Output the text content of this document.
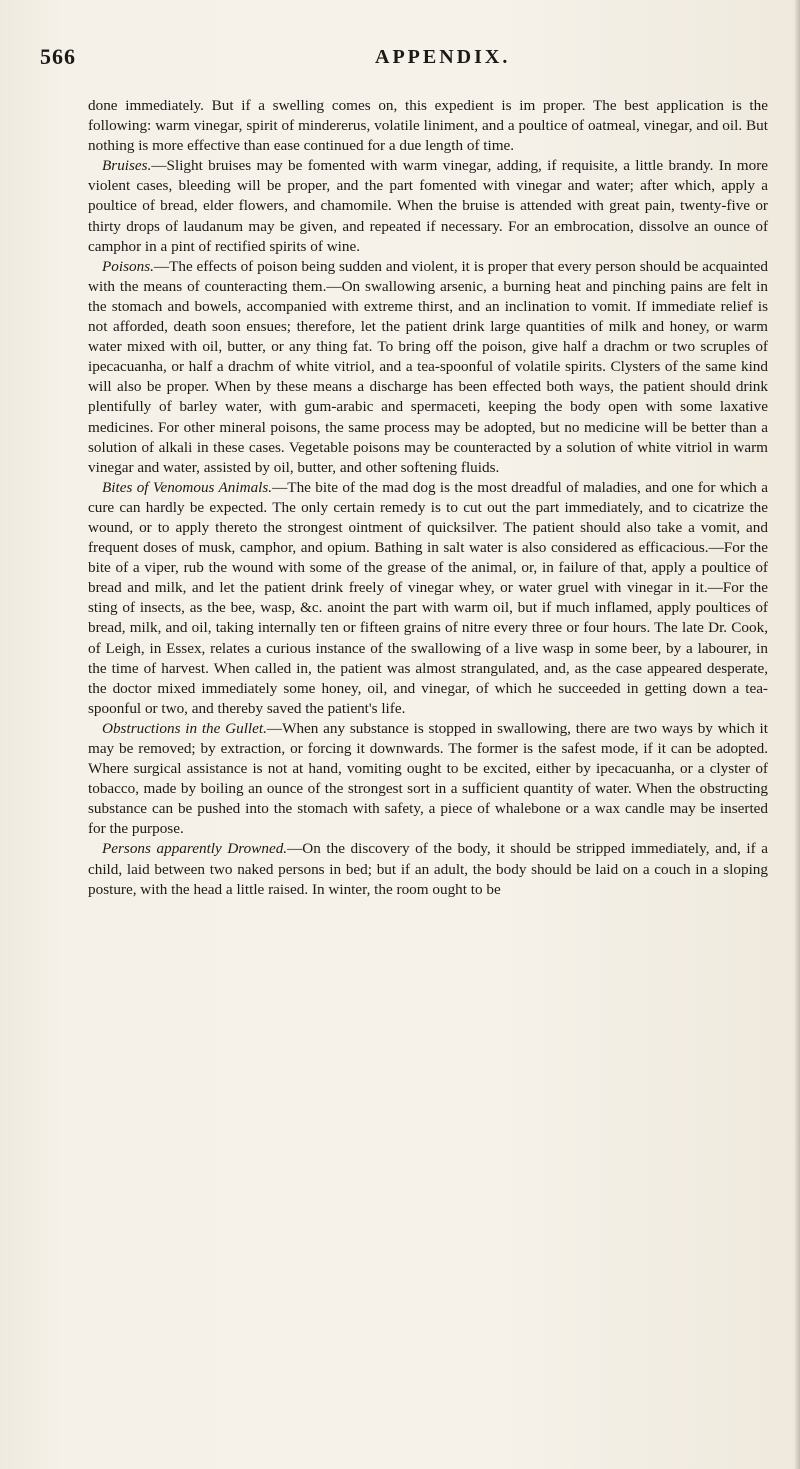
566	APPENDIX.

done immediately. But if a swelling comes on, this expedient is im proper. The best application is the following: warm vinegar, spirit of mindererus, volatile liniment, and a poultice of oatmeal, vinegar, and oil. But nothing is more effective than ease continued for a due length of time.

Bruises.—Slight bruises may be fomented with warm vinegar, adding, if requisite, a little brandy. In more violent cases, bleeding will be proper, and the part fomented with vinegar and water; after which, apply a poultice of bread, elder flowers, and chamomile. When the bruise is attended with great pain, twenty-five or thirty drops of laudanum may be given, and repeated if necessary. For an embrocation, dissolve an ounce of camphor in a pint of rectified spirits of wine.

Poisons.—The effects of poison being sudden and violent, it is proper that every person should be acquainted with the means of counteracting them.—On swallowing arsenic, a burning heat and pinching pains are felt in the stomach and bowels, accompanied with extreme thirst, and an inclination to vomit. If immediate relief is not afforded, death soon ensues; therefore, let the patient drink large quantities of milk and honey, or warm water mixed with oil, butter, or any thing fat. To bring off the poison, give half a drachm or two scruples of ipecacuanha, or half a drachm of white vitriol, and a tea-spoonful of volatile spirits. Clysters of the same kind will also be proper. When by these means a discharge has been effected both ways, the patient should drink plentifully of barley water, with gum-arabic and spermaceti, keeping the body open with some laxative medicines. For other mineral poisons, the same process may be adopted, but no medicine will be better than a solution of alkali in these cases. Vegetable poisons may be counteracted by a solution of white vitriol in warm vinegar and water, assisted by oil, butter, and other softening fluids.

Bites of Venomous Animals.—The bite of the mad dog is the most dreadful of maladies, and one for which a cure can hardly be expected. The only certain remedy is to cut out the part immediately, and to cicatrize the wound, or to apply thereto the strongest ointment of quicksilver. The patient should also take a vomit, and frequent doses of musk, camphor, and opium. Bathing in salt water is also considered as efficacious.—For the bite of a viper, rub the wound with some of the grease of the animal, or, in failure of that, apply a poultice of bread and milk, and let the patient drink freely of vinegar whey, or water gruel with vinegar in it.—For the sting of insects, as the bee, wasp, &c. anoint the part with warm oil, but if much inflamed, apply poultices of bread, milk, and oil, taking internally ten or fifteen grains of nitre every three or four hours. The late Dr. Cook, of Leigh, in Essex, relates a curious instance of the swallowing of a live wasp in some beer, by a labourer, in the time of harvest. When called in, the patient was almost strangulated, and, as the case appeared desperate, the doctor mixed immediately some honey, oil, and vinegar, of which he succeeded in getting down a tea-spoonful or two, and thereby saved the patient's life.

Obstructions in the Gullet.—When any substance is stopped in swallowing, there are two ways by which it may be removed; by extraction, or forcing it downwards. The former is the safest mode, if it can be adopted. Where surgical assistance is not at hand, vomiting ought to be excited, either by ipecacuanha, or a clyster of tobacco, made by boiling an ounce of the strongest sort in a sufficient quantity of water. When the obstructing substance can be pushed into the stomach with safety, a piece of whalebone or a wax candle may be inserted for the purpose.

Persons apparently Drowned.—On the discovery of the body, it should be stripped immediately, and, if a child, laid between two naked persons in bed; but if an adult, the body should be laid on a couch in a sloping posture, with the head a little raised. In winter, the room ought to be
